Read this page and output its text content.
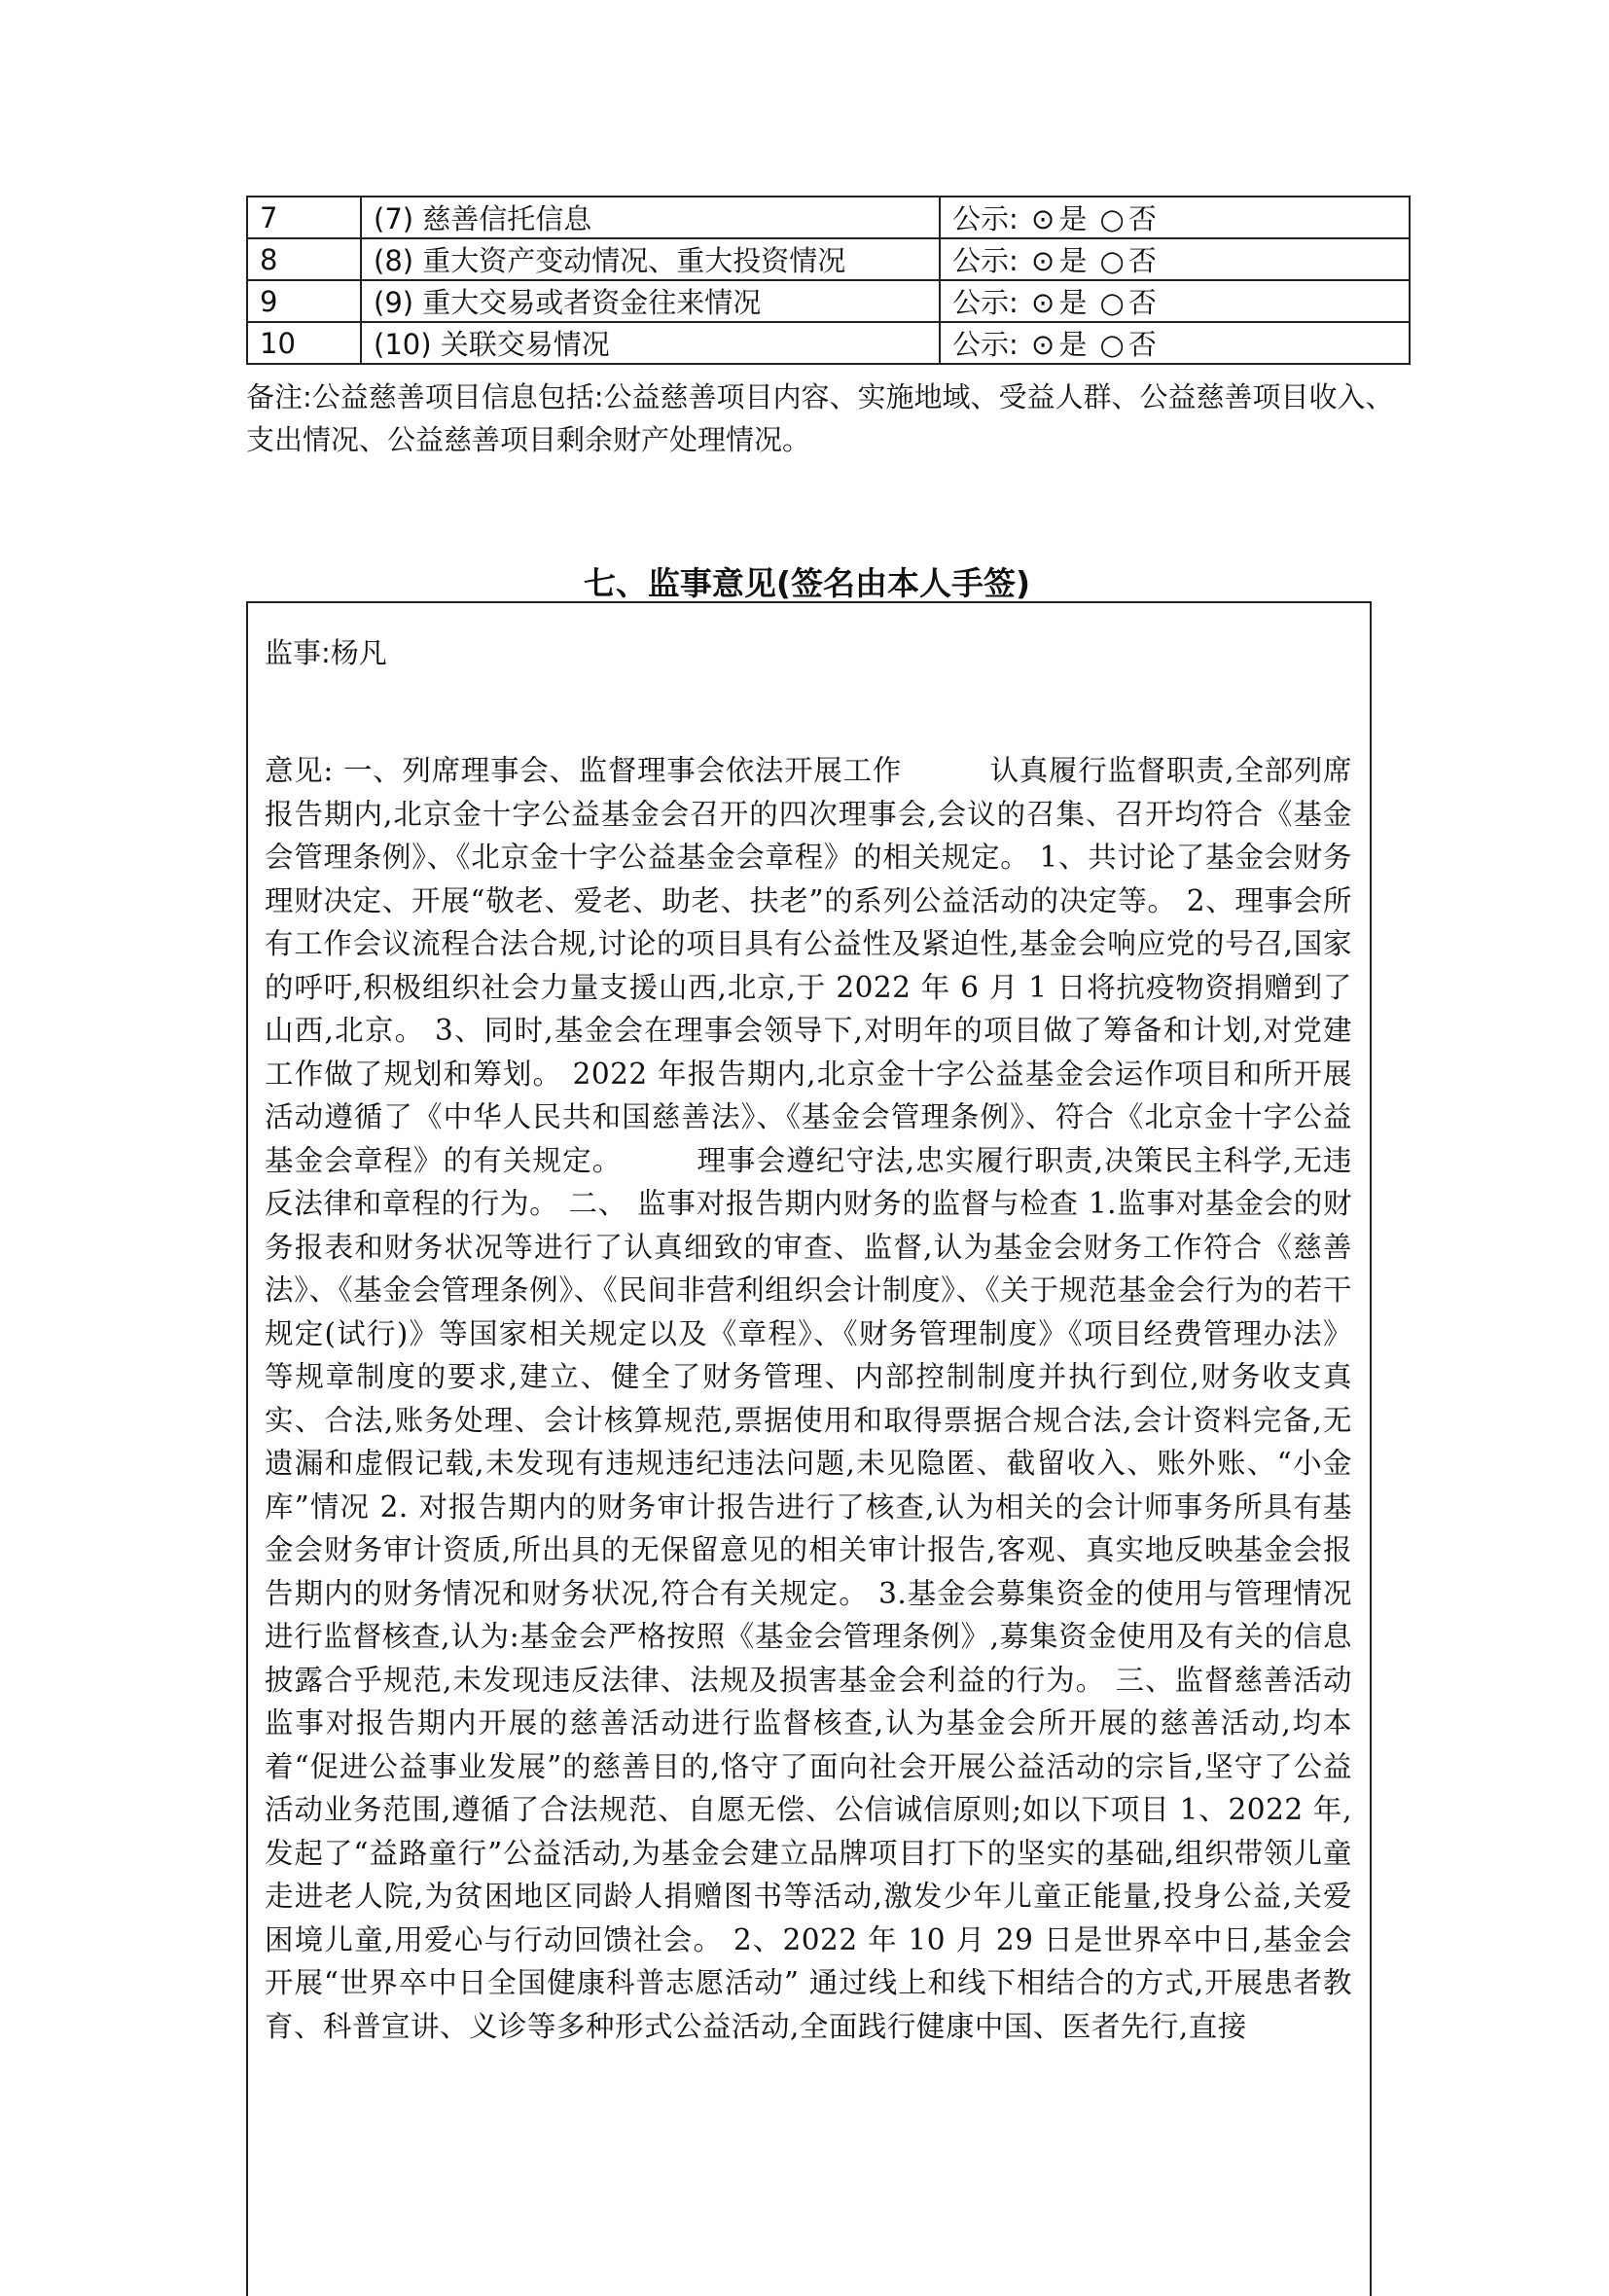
7	(7) 慈善信托信息	公示: ⊙ 是 ○ 否
8	(8) 重大资产变动情况、重大投资情况	公示: ⊙ 是 ○ 否
9	(9) 重大交易或者资金往来情况	公示: ⊙ 是 ○ 否
10	(10) 关联交易情况	公示: ⊙ 是 ○ 否
备注:公益慈善项目信息包括:公益慈善项目内容、实施地域、受益人群、公益慈善项目收入、支出情况、公益慈善项目剩余财产处理情况。
七、监事意见(签名由本人手签)
监事:杨凡
意见: 一、列席理事会、监督理事会依法开展工作　　　认真履行监督职责,全部列席报告期内,北京金十字公益基金会召开的四次理事会,会议的召集、召开均符合《基金会管理条例》、《北京金十字公益基金会章程》的相关规定。 1、共讨论了基金会财务理财决定、开展“敬老、爱老、助老、扶老”的系列公益活动的决定等。 2、理事会所有工作会议流程合法合规,讨论的项目具有公益性及紧迫性,基金会响应党的号召,国家的呼吁,积极组织社会力量支援山西,北京,于 2022 年 6 月 1 日将抗疫物资捐赠到了山西,北京。 3、同时,基金会在理事会领导下,对明年的项目做了筹备和计划,对党建工作做了规划和筹划。 2022 年报告期内,北京金十字公益基金会运作项目和所开展活动遵循了《中华人民共和国慈善法》、《基金会管理条例》、符合《北京金十字公益基金会章程》的有关规定。　　　理事会遵纪守法,忠实履行职责,决策民主科学,无违反法律和章程的行为。 二、 监事对报告期内财务的监督与检查 1.监事对基金会的财务报表和财务状况等进行了认真细致的审查、监督,认为基金会财务工作符合《慈善法》、《基金会管理条例》、《民间非营利组织会计制度》、《关于规范基金会行为的若干规定(试行)》等国家相关规定以及《章程》、《财务管理制度》《项目经费管理办法》等规章制度的要求,建立、健全了财务管理、内部控制制度并执行到位,财务收支真实、合法,账务处理、会计核算规范,票据使用和取得票据合规合法,会计资料完备,无遗漏和虚假记载,未发现有违规违纪违法问题,未见隐匿、截留收入、账外账、“小金库”情况 2. 对报告期内的财务审计报告进行了核查,认为相关的会计师事务所具有基金会财务审计资质,所出具的无保留意见的相关审计报告,客观、真实地反映基金会报告期内的财务情况和财务状况,符合有关规定。 3.基金会募集资金的使用与管理情况进行监督核查,认为:基金会严格按照《基金会管理条例》,募集资金使用及有关的信息披露合乎规范,未发现违反法律、法规及损害基金会利益的行为。 三、监督慈善活动　　　监事对报告期内开展的慈善活动进行监督核查,认为基金会所开展的慈善活动,均本着“促进公益事业发展”的慈善目的,恪守了面向社会开展公益活动的宗旨,坚守了公益活动业务范围,遵循了合法规范、自愿无偿、公信诚信原则;如以下项目 1、2022 年,发起了“益路童行”公益活动,为基金会建立品牌项目打下的坚实的基础,组织带领儿童走进老人院,为贫困地区同龄人捐赠图书等活动,激发少年儿童正能量,投身公益,关爱困境儿童,用爱心与行动回馈社会。 2、2022 年 10 月 29 日是世界卒中日,基金会开展“世界卒中日全国健康科普志愿活动” 通过线上和线下相结合的方式,开展患者教育、科普宣讲、义诊等多种形式公益活动,全面践行健康中国、医者先行,直接
